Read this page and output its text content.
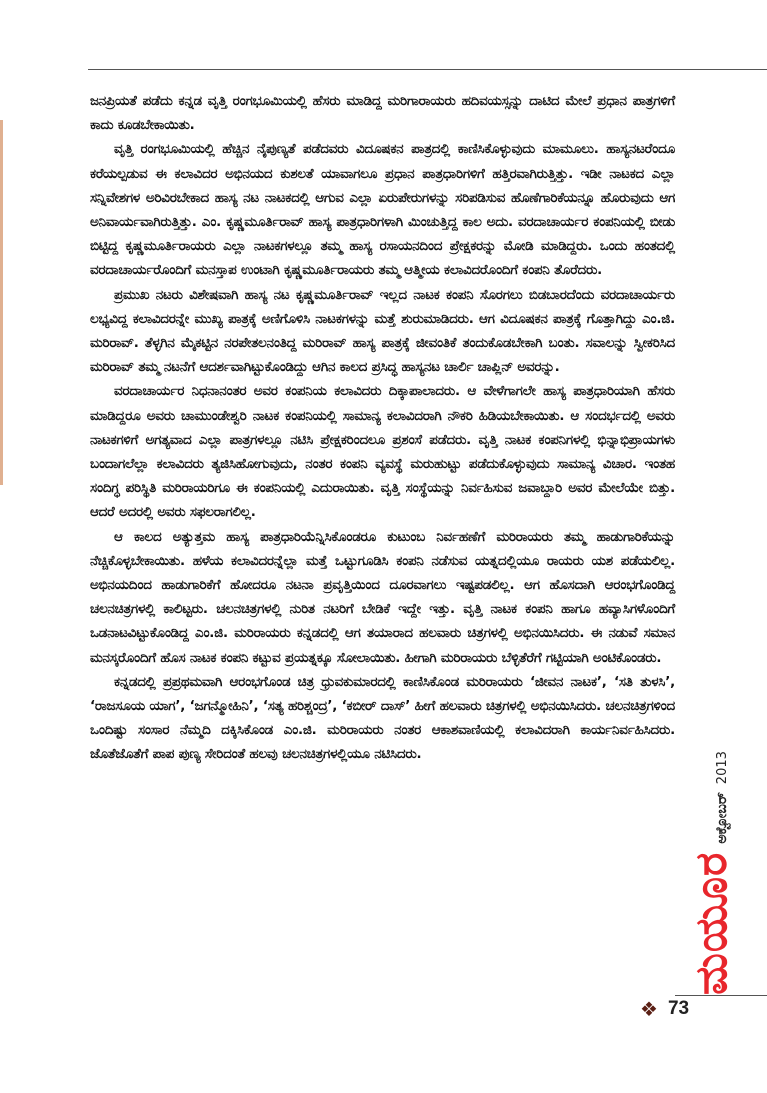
ಜನಪ್ರಿಯತೆ ಪಡೆದು ಕನ್ನಡ ವೃತ್ತಿ ರಂಗಭೂಮಿಯಲ್ಲಿ ಹೆಸರು ಮಾಡಿದ್ದ ಮರಿಗಾರಾಯರು ಹದಿವಯಸ್ಸನ್ನು ದಾಟಿದ ಮೇಲೆ ಪ್ರಧಾನ ಪಾತ್ರಗಳಿಗೆ ಕಾದು ಕೂಡಬೇಕಾಯಿತು.

ವೃತ್ತಿ ರಂಗಭೂಮಿಯಲ್ಲಿ ಹೆಚ್ಚಿನ ನೈಪುಣ್ಯತೆ ಪಡೆದವರು ವಿದೂಷಕನ ಪಾತ್ರದಲ್ಲಿ ಕಾಣಿಸಿಕೊಳ್ಳುವುದು ಮಾಮೂಲು. ಹಾಸ್ಯನಟರೆಂದೂ ಕರೆಯಲ್ಪಡುವ ಈ ಕಲಾವಿದರ ಅಭಿನಯದ ಕುಶಲತೆ ಯಾವಾಗಲೂ ಪ್ರಧಾನ ಪಾತ್ರಧಾರಿಗಳಿಗೆ ಹತ್ತಿರವಾಗಿರುತ್ತಿತ್ತು. ಇಡೀ ನಾಟಕದ ಎಲ್ಲಾ ಸನ್ನಿವೇಶಗಳ ಅರಿವಿರಬೇಕಾದ ಹಾಸ್ಯ ನಟ ನಾಟಕದಲ್ಲಿ ಆಗುವ ಎಲ್ಲಾ ಏರುಪೇರುಗಳನ್ನು ಸರಿಪಡಿಸುವ ಹೊಣೆಗಾರಿಕೆಯನ್ನೂ ಹೊರುವುದು ಆಗ ಅನಿವಾರ್ಯವಾಗಿರುತ್ತಿತ್ತು. ಎಂ. ಕೃಷ್ಣಮೂರ್ತಿರಾವ್ ಹಾಸ್ಯ ಪಾತ್ರಧಾರಿಗಳಾಗಿ ಮಿಂಚುತ್ತಿದ್ದ ಕಾಲ ಅದು. ವರದಾಚಾರ್ಯರ ಕಂಪನಿಯಲ್ಲಿ ಬೀಡು ಬಿಟ್ಟಿದ್ದ ಕೃಷ್ಣಮೂರ್ತಿರಾಯರು ಎಲ್ಲಾ ನಾಟಕಗಳಲ್ಲೂ ತಮ್ಮ ಹಾಸ್ಯ ರಸಾಯನದಿಂದ ಪ್ರೇಕ್ಷಕರನ್ನು ಮೋಡಿ ಮಾಡಿದ್ದರು. ಒಂದು ಹಂತದಲ್ಲಿ ವರದಾಚಾರ್ಯರೊಂದಿಗೆ ಮನಸ್ತಾಪ ಉಂಟಾಗಿ ಕೃಷ್ಣಮೂರ್ತಿರಾಯರು ತಮ್ಮ ಆತ್ಮೀಯ ಕಲಾವಿದರೊಂದಿಗೆ ಕಂಪನಿ ತೊರೆದರು.

ಪ್ರಮುಖ ನಟರು ವಿಶೇಷವಾಗಿ ಹಾಸ್ಯ ನಟ ಕೃಷ್ಣಮೂರ್ತಿರಾವ್ ಇಲ್ಲದ ನಾಟಕ ಕಂಪನಿ ಸೊರಗಲು ಬಿಡಬಾರದೆಂದು ವರದಾಚಾರ್ಯರು ಲಭ್ಯವಿದ್ದ ಕಲಾವಿದರನ್ನೇ ಮುಖ್ಯ ಪಾತ್ರಕ್ಕೆ ಅಣಿಗೊಳಿಸಿ ನಾಟಕಗಳನ್ನು ಮತ್ತೆ ಶುರುಮಾಡಿದರು. ಆಗ ವಿದೂಷಕನ ಪಾತ್ರಕ್ಕೆ ಗೊತ್ತಾಗಿದ್ದು ಎಂ.ಜಿ. ಮರಿರಾವ್. ತೆಳ್ಳಗಿನ ಮೈಕಟ್ಟಿನ ನರಪೇತಲನಂತಿದ್ದ ಮರಿರಾವ್ ಹಾಸ್ಯ ಪಾತ್ರಕ್ಕೆ ಜೀವಂತಿಕೆ ತಂದುಕೊಡಬೇಕಾಗಿ ಬಂತು. ಸವಾಲನ್ನು ಸ್ವೀಕರಿಸಿದ ಮರಿರಾವ್ ತಮ್ಮ ನಟನೆಗೆ ಆದರ್ಶವಾಗಿಟ್ಟುಕೊಂಡಿದ್ದು ಆಗಿನ ಕಾಲದ ಪ್ರಸಿದ್ಧ ಹಾಸ್ಯನಟ ಚಾರ್ಲಿ ಚಾಪ್ಲಿನ್ ಅವರನ್ನು.

ವರದಾಚಾರ್ಯರ ನಿಧನಾನಂತರ ಅವರ ಕಂಪನಿಯ ಕಲಾವಿದರು ದಿಕ್ಕಾಪಾಲಾದರು. ಆ ವೇಳೆಗಾಗಲೇ ಹಾಸ್ಯ ಪಾತ್ರಧಾರಿಯಾಗಿ ಹೆಸರು ಮಾಡಿದ್ದರೂ ಅವರು ಚಾಮುಂಡೇಶ್ವರಿ ನಾಟಕ ಕಂಪನಿಯಲ್ಲಿ ಸಾಮಾನ್ಯ ಕಲಾವಿದರಾಗಿ ನೌಕರಿ ಹಿಡಿಯಬೇಕಾಯಿತು. ಆ ಸಂದರ್ಭದಲ್ಲಿ ಅವರು ನಾಟಕಗಳಿಗೆ ಅಗತ್ಯವಾದ ಎಲ್ಲಾ ಪಾತ್ರಗಳಲ್ಲೂ ನಟಿಸಿ ಪ್ರೇಕ್ಷಕರಿಂದಲೂ ಪ್ರಶಂಸೆ ಪಡೆದರು. ವೃತ್ತಿ ನಾಟಕ ಕಂಪನಿಗಳಲ್ಲಿ ಭಿನ್ನಾಭಿಪ್ರಾಯಗಳು ಬಂದಾಗಲೆಲ್ಲಾ ಕಲಾವಿದರು ತ್ಯಜಿಸಿಹೋಗುವುದು, ನಂತರ ಕಂಪನಿ ವ್ಯವಸ್ಥೆ ಮರುಹುಟ್ಟು ಪಡೆದುಕೊಳ್ಳುವುದು ಸಾಮಾನ್ಯ ವಿಚಾರ. ಇಂತಹ ಸಂದಿಗ್ಧ ಪರಿಸ್ಥಿತಿ ಮರಿರಾಯರಿಗೂ ಈ ಕಂಪನಿಯಲ್ಲಿ ಎದುರಾಯಿತು. ವೃತ್ತಿ ಸಂಸ್ಥೆಯನ್ನು ನಿರ್ವಹಿಸುವ ಜವಾಬ್ದಾರಿ ಅವರ ಮೇಲೆಯೇ ಬಿತ್ತು. ಆದರೆ ಅದರಲ್ಲಿ ಅವರು ಸಫಲರಾಗಲಿಲ್ಲ.

ಆ ಕಾಲದ ಅತ್ಯುತ್ತಮ ಹಾಸ್ಯ ಪಾತ್ರಧಾರಿಯೆನ್ನಿಸಿಕೊಂಡರೂ ಕುಟುಂಬ ನಿರ್ವಹಣೆಗೆ ಮರಿರಾಯರು ತಮ್ಮ ಹಾಡುಗಾರಿಕೆಯನ್ನು ನೆಚ್ಚಿಕೊಳ್ಳಬೇಕಾಯಿತು. ಹಳೆಯ ಕಲಾವಿದರನ್ನೆಲ್ಲಾ ಮತ್ತೆ ಒಟ್ಟುಗೂಡಿಸಿ ಕಂಪನಿ ನಡೆಸುವ ಯತ್ನದಲ್ಲಿಯೂ ರಾಯರು ಯಶ ಪಡೆಯಲಿಲ್ಲ. ಅಭಿನಯದಿಂದ ಹಾಡುಗಾರಿಕೆಗೆ ಹೋದರೂ ನಟನಾ ಪ್ರವೃತ್ತಿಯಿಂದ ದೂರವಾಗಲು ಇಷ್ಟಪಡಲಿಲ್ಲ. ಆಗ ಹೊಸದಾಗಿ ಆರಂಭಗೊಂಡಿದ್ದ ಚಲನಚಿತ್ರಗಳಲ್ಲಿ ಕಾಲಿಟ್ಟರು. ಚಲನಚಿತ್ರಗಳಲ್ಲಿ ನುರಿತ ನಟರಿಗೆ ಬೇಡಿಕೆ ಇದ್ದೇ ಇತ್ತು. ವೃತ್ತಿ ನಾಟಕ ಕಂಪನಿ ಹಾಗೂ ಹವ್ಯಾಸಿಗಳೊಂದಿಗೆ ಒಡನಾಟವಿಟ್ಟುಕೊಂಡಿದ್ದ ಎಂ.ಜಿ. ಮರಿರಾಯರು ಕನ್ನಡದಲ್ಲಿ ಆಗ ತಯಾರಾದ ಹಲವಾರು ಚಿತ್ರಗಳಲ್ಲಿ ಅಭಿನಯಿಸಿದರು. ಈ ನಡುವೆ ಸಮಾನ ಮನಸ್ಕರೊಂದಿಗೆ ಹೊಸ ನಾಟಕ ಕಂಪನಿ ಕಟ್ಟುವ ಪ್ರಯತ್ನಕ್ಕೂ ಸೋಲಾಯಿತು. ಹೀಗಾಗಿ ಮರಿರಾಯರು ಬೆಳ್ಳಿತೆರೆಗೆ ಗಟ್ಟಿಯಾಗಿ ಅಂಟಿಕೊಂಡರು.

ಕನ್ನಡದಲ್ಲಿ ಪ್ರಪ್ರಥಮವಾಗಿ ಆರಂಭಗೊಂಡ ಚಿತ್ರ ಧ್ರುವಕುಮಾರದಲ್ಲಿ ಕಾಣಿಸಿಕೊಂಡ ಮರಿರಾಯರು ‘ಜೀವನ ನಾಟಕ’, ‘ಸತಿ ತುಳಸಿ’, ‘ರಾಜಸೂಯ ಯಾಗ’, ‘ಜಗನ್ಮೋಹಿನಿ’, ‘ಸತ್ಯ ಹರಿಶ್ಚಂದ್ರ’, ‘ಕಬೀರ್ ದಾಸ್’ ಹೀಗೆ ಹಲವಾರು ಚಿತ್ರಗಳಲ್ಲಿ ಅಭಿನಯಿಸಿದರು. ಚಲನಚಿತ್ರಗಳಿಂದ ಒಂದಿಷ್ಟು ಸಂಸಾರ ನೆಮ್ಮದಿ ದಕ್ಕಿಸಿಕೊಂಡ ಎಂ.ಜಿ. ಮರಿರಾಯರು ನಂತರ ಆಕಾಶವಾಣಿಯಲ್ಲಿ ಕಲಾವಿದರಾಗಿ ಕಾರ್ಯನಿರ್ವಹಿಸಿದರು. ಜೊತೆಜೊತೆಗೆ ಪಾಪ ಪುಣ್ಯ ಸೇರಿದಂತೆ ಹಲವು ಚಲನಚಿತ್ರಗಳಲ್ಲಿಯೂ ನಟಿಸಿದರು.

ಮಯೂರ
ಅಕ್ಟೋಬರ್
2013
❖ 73
